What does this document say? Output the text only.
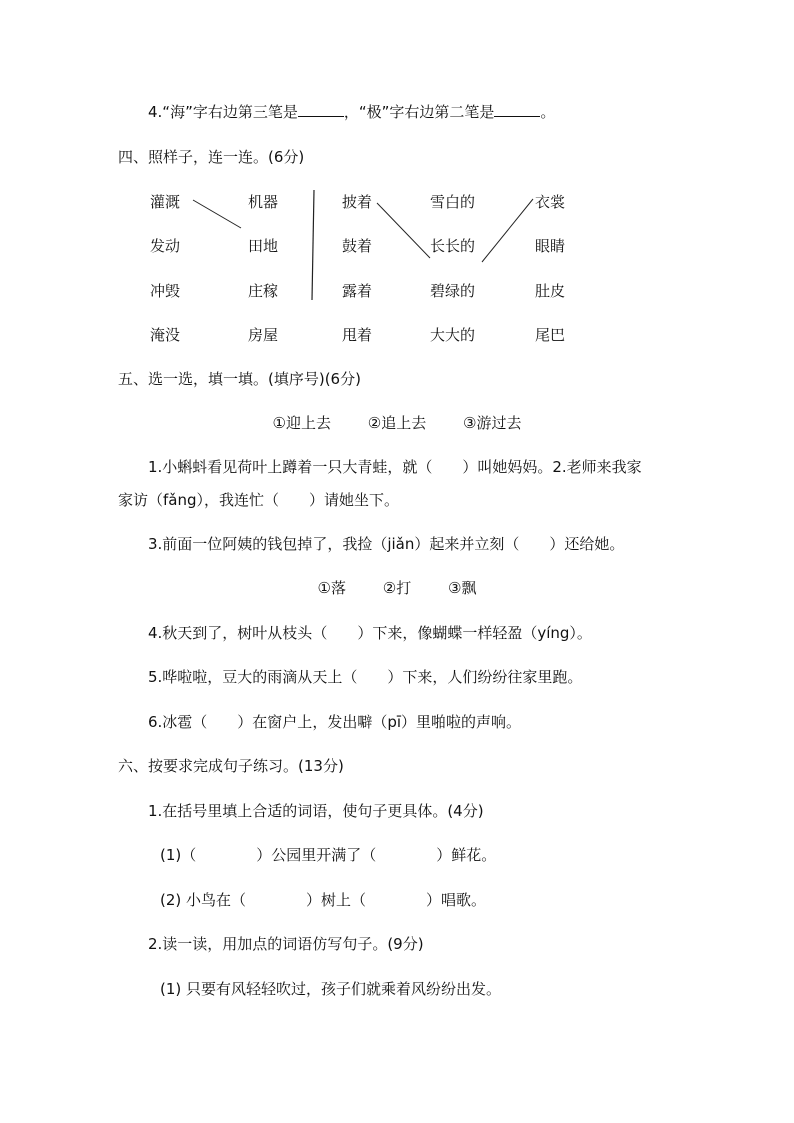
4.“海”字右边第三笔是	，“极”字右边第二笔是	。
四、照样子，连一连。(6分)
灌溉	机器
发动	田地
冲毁	庄稼
淹没	房屋
披着	雪白的	衣裳
鼓着	长长的	眼睛
露着	碧绿的	肚皮
甩着	大大的	尾巴
五、选一选，填一填。(填序号)(6分)
①迎上去 ②追上去 ③游过去
1.小蝌蚪看见荷叶上蹲着一只大青蛙，就（　　）叫她妈妈。2.老师来我家
家访（fǎng），我连忙（　　）请她坐下。
3.前面一位阿姨的钱包掉了，我捡（jiǎn）起来并立刻（　　）还给她。
①落 ②打 ③飘
4.秋天到了，树叶从枝头（　　）下来，像蝴蝶一样轻盈（yíng）。
5.哗啦啦，豆大的雨滴从天上（　　）下来，人们纷纷往家里跑。
6.冰雹（　　）在窗户上，发出噼（pī）里啪啦的声响。
六、按要求完成句子练习。(13分)
1.在括号里填上合适的词语，使句子更具体。(4分)
(1)（　　　　）公园里开满了（　　　　）鲜花。
(2) 小鸟在（　　　　）树上（　　　　）唱歌。
2.读一读，用加点的词语仿写句子。(9分)
(1) 只要有风轻轻吹过，孩子们就乘着风纷纷出发。
